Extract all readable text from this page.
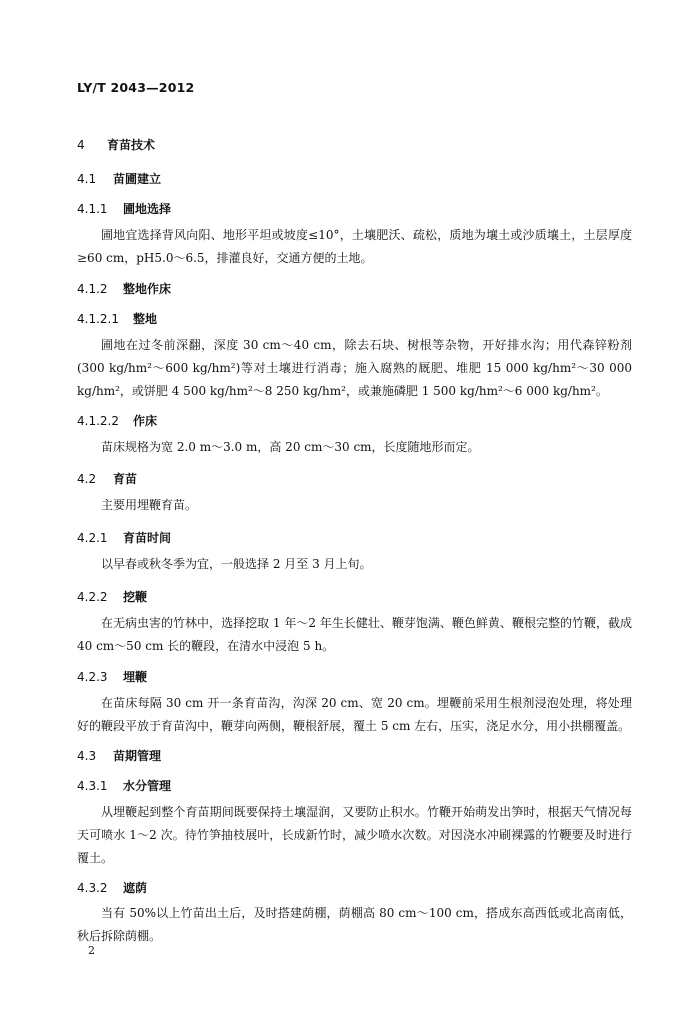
LY/T 2043—2012
4 育苗技术
4.1 苗圃建立
4.1.1 圃地选择

圃地宜选择背风向阳、地形平坦或坡度≤10°，土壤肥沃、疏松，质地为壤土或沙质壤土，土层厚度≥60 cm，pH5.0～6.5，排灌良好，交通方便的土地。

4.1.2 整地作床
4.1.2.1 整地

圃地在过冬前深翻，深度 30 cm～40 cm，除去石块、树根等杂物，开好排水沟；用代森锌粉剂(300 kg/hm²～600 kg/hm²)等对土壤进行消毒；施入腐熟的厩肥、堆肥 15 000 kg/hm²～30 000 kg/hm²，或饼肥 4 500 kg/hm²～8 250 kg/hm²，或兼施磷肥 1 500 kg/hm²～6 000 kg/hm²。

4.1.2.2 作床

苗床规格为宽 2.0 m～3.0 m，高 20 cm～30 cm，长度随地形而定。

4.2 育苗

主要用埋鞭育苗。

4.2.1 育苗时间

以早春或秋冬季为宜，一般选择 2 月至 3 月上旬。

4.2.2 挖鞭

在无病虫害的竹林中，选择挖取 1 年～2 年生长健壮、鞭芽饱满、鞭色鲜黄、鞭根完整的竹鞭，截成 40 cm～50 cm 长的鞭段，在清水中浸泡 5 h。

4.2.3 埋鞭

在苗床每隔 30 cm 开一条育苗沟，沟深 20 cm、宽 20 cm。埋鞭前采用生根剂浸泡处理，将处理好的鞭段平放于育苗沟中，鞭芽向两侧，鞭根舒展，覆土 5 cm 左右，压实，浇足水分，用小拱棚覆盖。

4.3 苗期管理
4.3.1 水分管理

从埋鞭起到整个育苗期间既要保持土壤湿润，又要防止积水。竹鞭开始萌发出笋时，根据天气情况每天可喷水 1～2 次。待竹笋抽枝展叶，长成新竹时，减少喷水次数。对因浇水冲刷裸露的竹鞭要及时进行覆土。

4.3.2 遮荫

当有 50%以上竹苗出土后，及时搭建荫棚，荫棚高 80 cm～100 cm，搭成东高西低或北高南低，秋后拆除荫棚。

2
